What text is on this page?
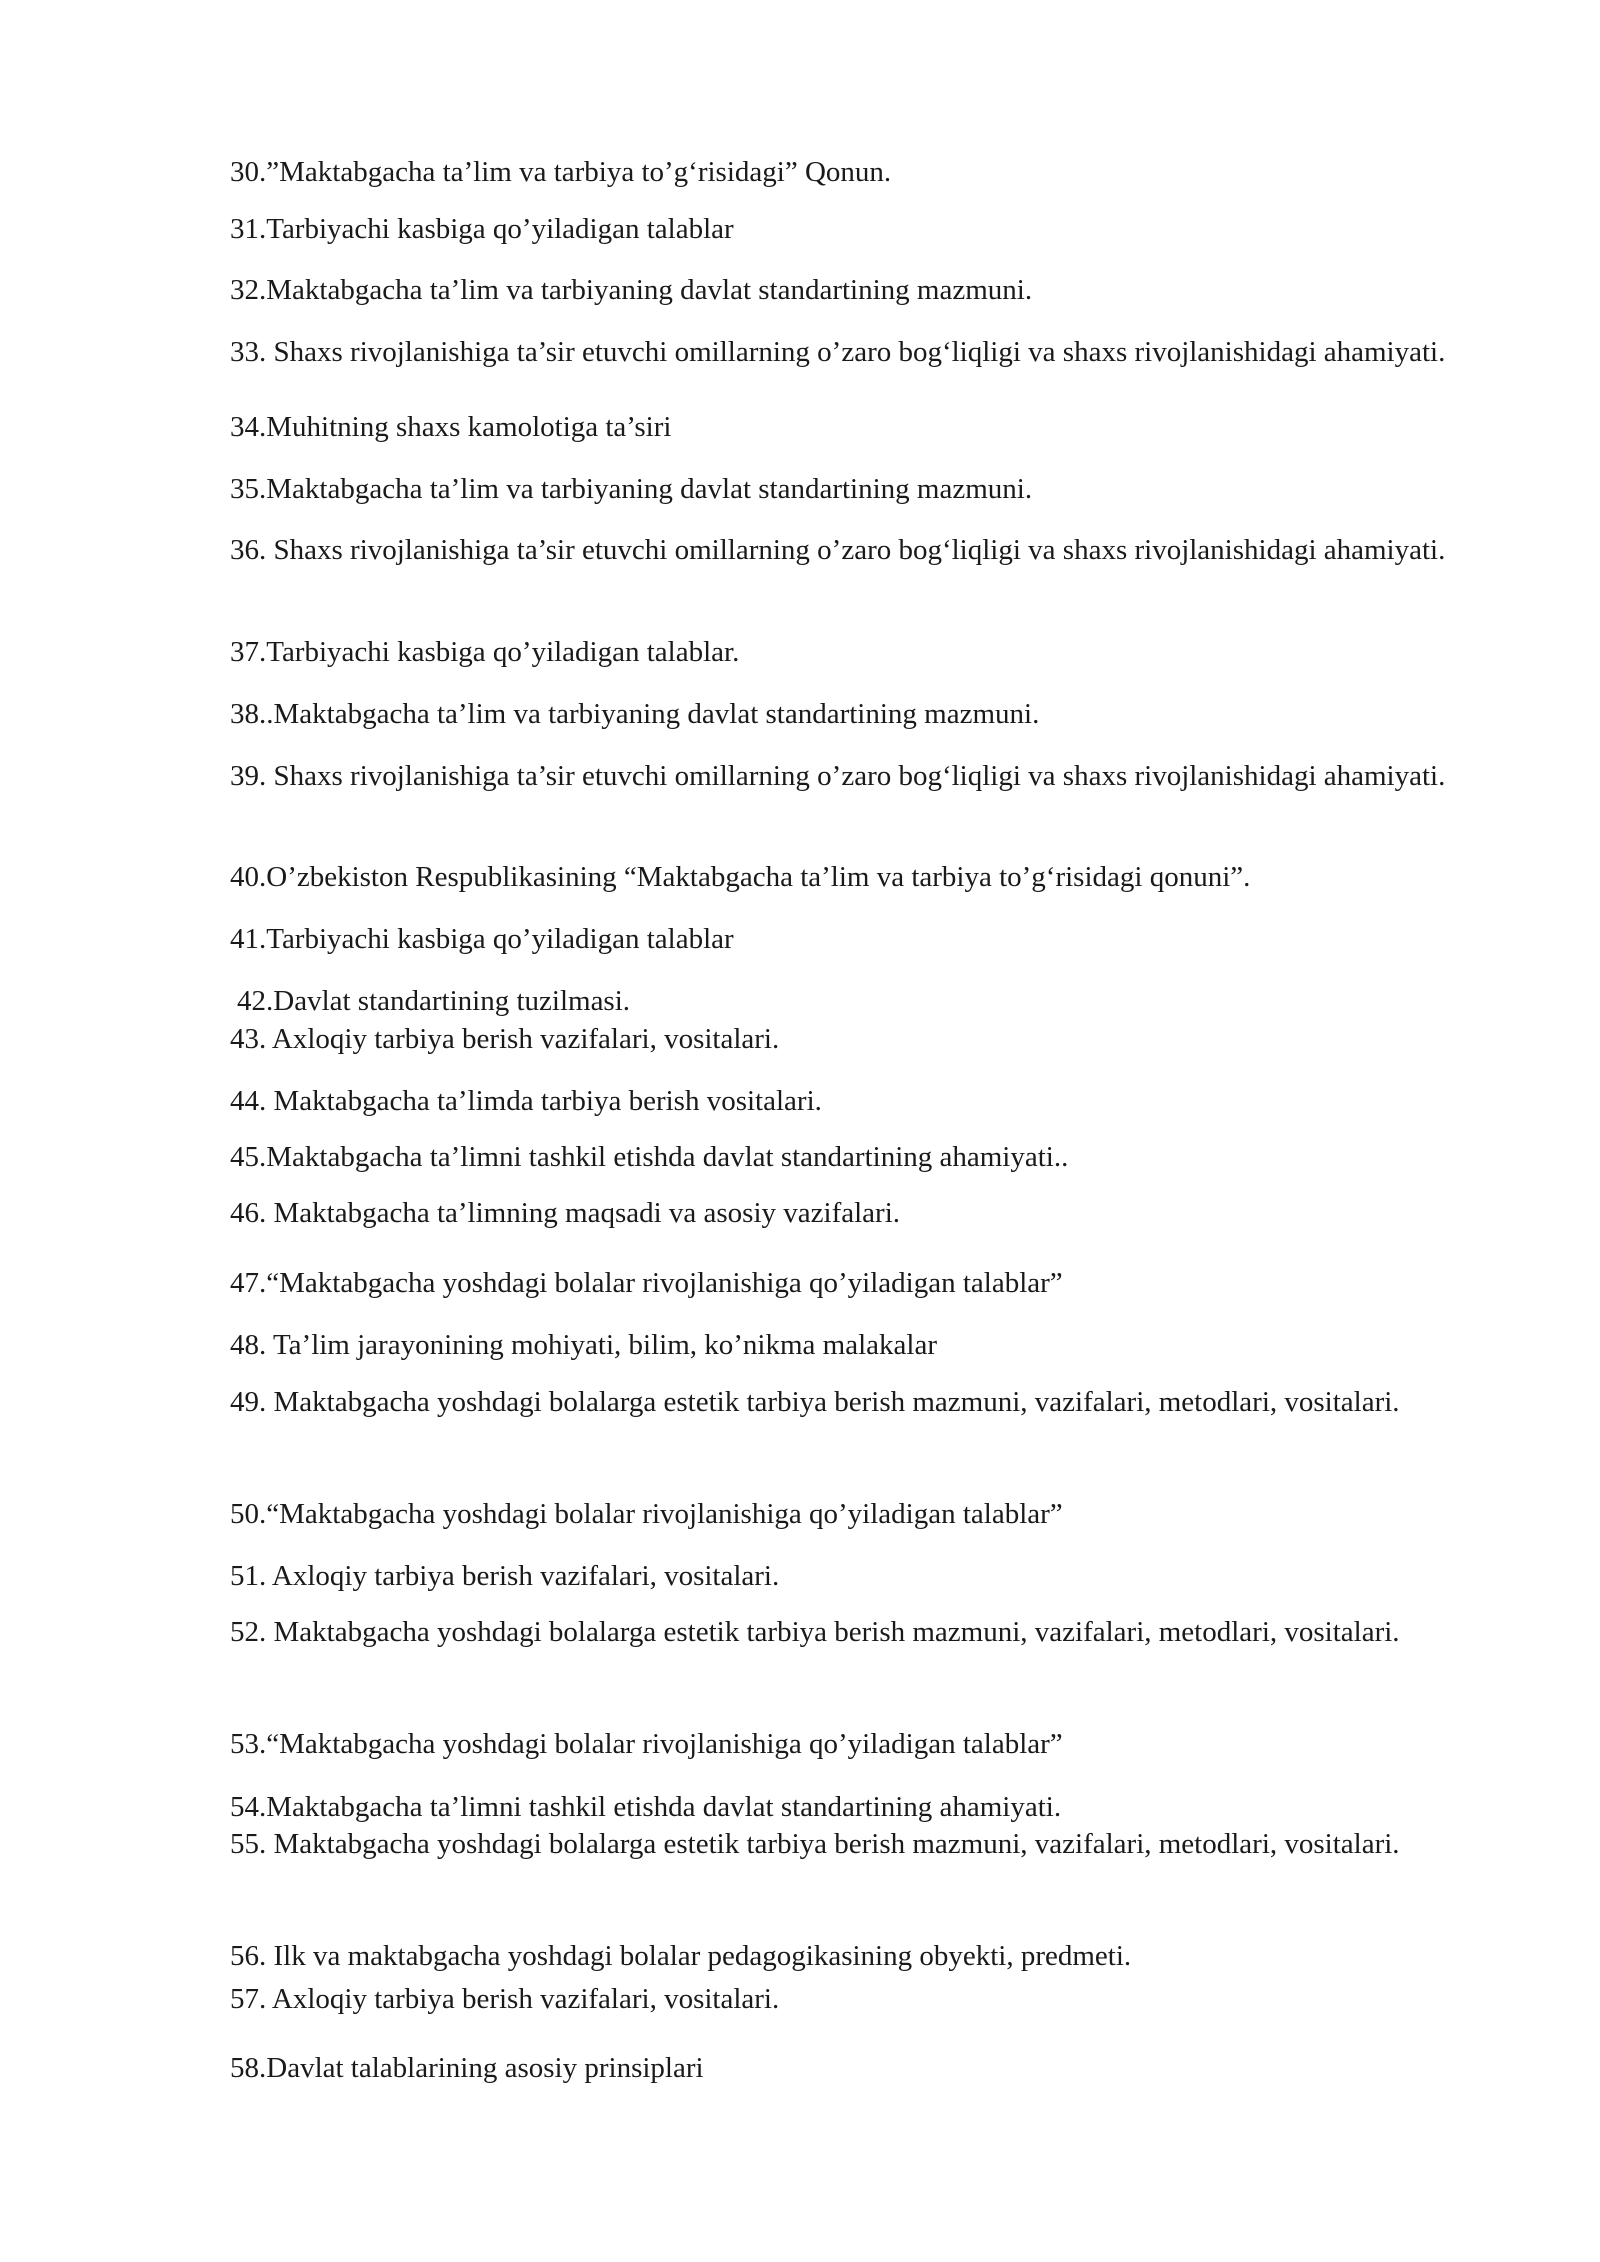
30.”Maktabgacha ta’lim va tarbiya to’g‘risidagi” Qonun.

31.Tarbiyachi kasbiga qo’yiladigan talablar

32.Maktabgacha ta’lim va tarbiyaning davlat standartining mazmuni.

33. Shaxs rivojlanishiga ta’sir etuvchi omillarning o’zaro bog‘liqligi va shaxs rivojlanishidagi ahamiyati.

34.Muhitning shaxs kamolotiga ta’siri

35.Maktabgacha ta’lim va tarbiyaning davlat standartining mazmuni.

36. Shaxs rivojlanishiga ta’sir etuvchi omillarning o’zaro bog‘liqligi va shaxs rivojlanishidagi ahamiyati.

37.Tarbiyachi kasbiga qo’yiladigan talablar.

38..Maktabgacha ta’lim va tarbiyaning davlat standartining mazmuni.

39. Shaxs rivojlanishiga ta’sir etuvchi omillarning o’zaro bog‘liqligi va shaxs rivojlanishidagi ahamiyati.

40.O’zbekiston Respublikasining “Maktabgacha ta’lim va tarbiya to’g‘risidagi qonuni”.

41.Tarbiyachi kasbiga qo’yiladigan talablar

42.Davlat standartining tuzilmasi.

43. Axloqiy tarbiya berish vazifalari, vositalari.

44. Maktabgacha ta’limda tarbiya berish vositalari.

45.Maktabgacha ta’limni tashkil etishda davlat standartining ahamiyati..

46. Maktabgacha ta’limning maqsadi va asosiy vazifalari.

47.“Maktabgacha yoshdagi bolalar rivojlanishiga qo’yiladigan talablar”

48. Ta’lim jarayonining mohiyati, bilim, ko’nikma malakalar

49. Maktabgacha yoshdagi bolalarga estetik tarbiya berish mazmuni, vazifalari, metodlari, vositalari.

50.“Maktabgacha yoshdagi bolalar rivojlanishiga qo’yiladigan talablar”

51. Axloqiy tarbiya berish vazifalari, vositalari.

52. Maktabgacha yoshdagi bolalarga estetik tarbiya berish mazmuni, vazifalari, metodlari, vositalari.

53.“Maktabgacha yoshdagi bolalar rivojlanishiga qo’yiladigan talablar”

54.Maktabgacha ta’limni tashkil etishda davlat standartining ahamiyati.

55. Maktabgacha yoshdagi bolalarga estetik tarbiya berish mazmuni, vazifalari, metodlari, vositalari.

56. Ilk va maktabgacha yoshdagi bolalar pedagogikasining obyekti, predmeti.

57. Axloqiy tarbiya berish vazifalari, vositalari.

58.Davlat talablarining asosiy prinsiplari
